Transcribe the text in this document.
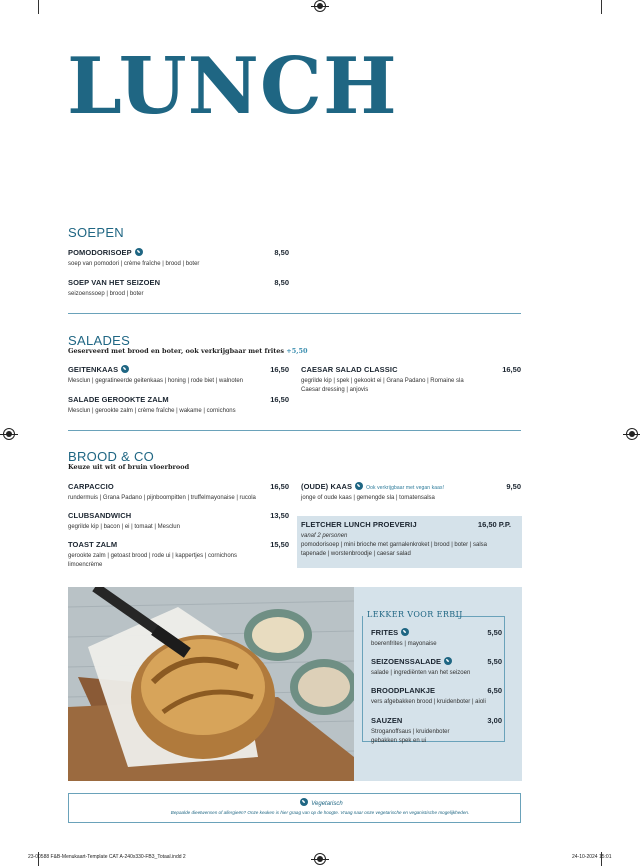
LUNCH
SOEPEN
POMODORISOEP	8,50
soep van pomodori | crème fraîche | brood | boter
SOEP VAN HET SEIZOEN	8,50
seizoenssoep | brood | boter
SALADES
Geserveerd met brood en boter, ook verkrijgbaar met frites +5,50
GEITENKAAS	16,50
Mesclun | gegratineerde geitenkaas | honing | rode biet | walnoten
SALADE GEROOKTE ZALM	16,50
Mesclun | gerookte zalm | crème fraîche | wakame | cornichons
CAESAR SALAD CLASSIC	16,50
gegrilde kip | spek | gekookt ei | Grana Padano | Romaine sla
Caesar dressing | anjovis
BROOD & CO
Keuze uit wit of bruin vloerbrood
CARPACCIO	16,50
rundermuis | Grana Padano | pijnboompitten | truffelmayonaise | rucola
CLUBSANDWICH	13,50
gegrilde kip | bacon | ei | tomaat | Mesclun
TOAST ZALM	15,50
gerookte zalm | getoast brood | rode ui | kappertjes | cornichons
limoencrème
(OUDE) KAAS	Ook verkrijgbaar met vegan kaas!	9,50
jonge of oude kaas | gemengde sla | tomatensalsa
FLETCHER LUNCH PROEVERIJ	16,50 P.P.
vanaf 2 personen
pomodorisoep | mini brioche met garnalenkroket | brood | boter | salsa
tapenade | worstenbroodje | caesar salad
LEKKER VOOR ERBIJ
FRITES	5,50
boerenfrites | mayonaise
SEIZOENSSALADE	5,50
salade | ingrediënten van het seizoen
BROODPLANKJE	6,50
vers afgebakken brood | kruidenboter | aioli
SAUZEN	3,00
Stroganoffsaus | kruidenboter
gebakken spek en ui
Vegetarisch
Bepaalde dieetwensen of allergieën? Onze keuken is hier graag van op de hoogte. Vraag naar onze vegetarische en veganistische mogelijkheden.
23-00588 F&B-Menukaart-Template CAT A-240x330-FB3_Totaal.indd 2	24-10-2024 15:01
